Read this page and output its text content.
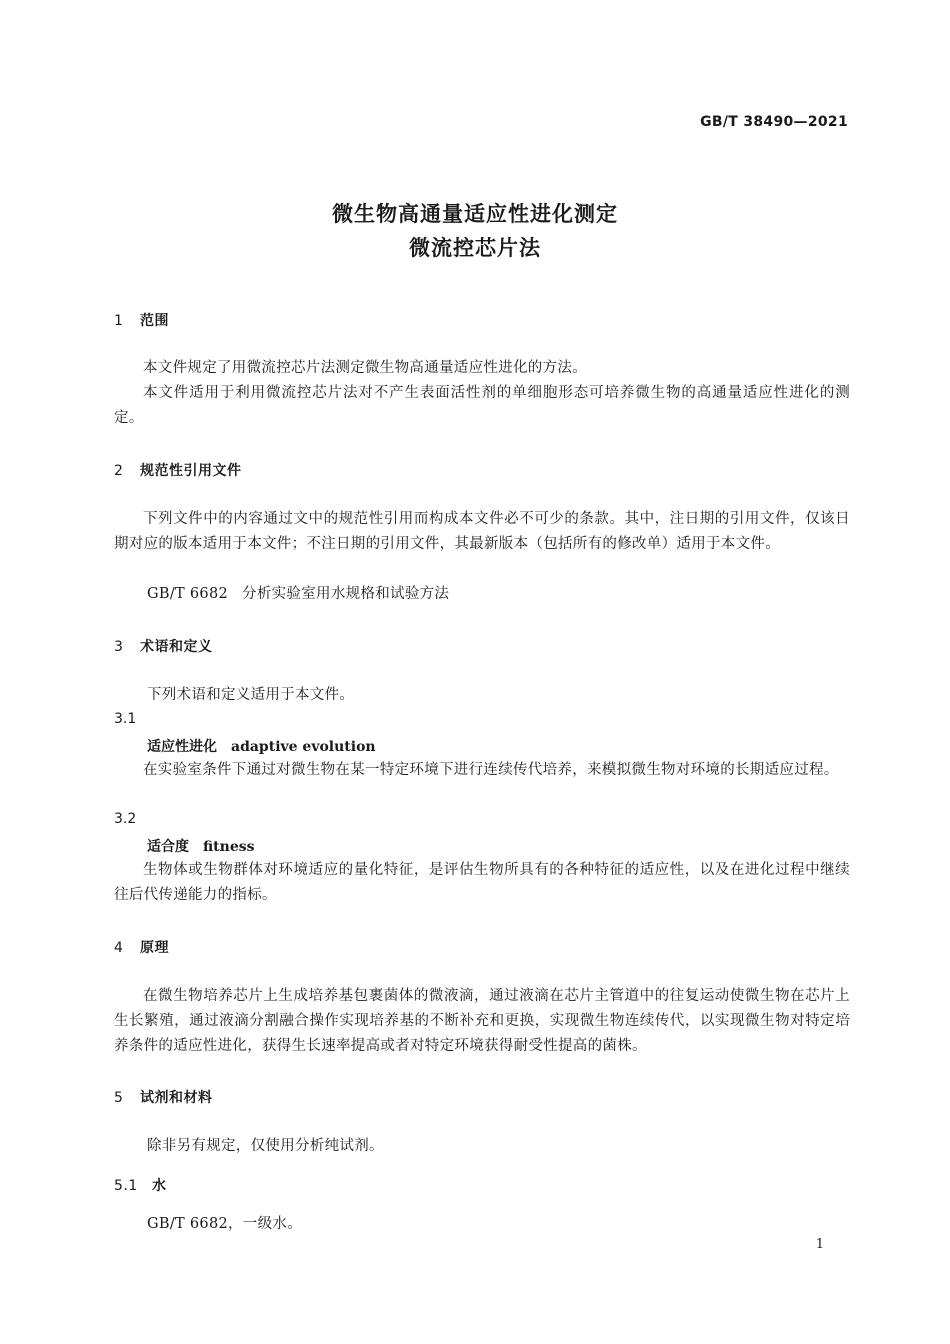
GB/T 38490—2021
微生物高通量适应性进化测定
微流控芯片法
1 范围
本文件规定了用微流控芯片法测定微生物高通量适应性进化的方法。
本文件适用于利用微流控芯片法对不产生表面活性剂的单细胞形态可培养微生物的高通量适应性进化的测定。
2 规范性引用文件
下列文件中的内容通过文中的规范性引用而构成本文件必不可少的条款。其中，注日期的引用文件，仅该日期对应的版本适用于本文件；不注日期的引用文件，其最新版本（包括所有的修改单）适用于本文件。
GB/T 6682 分析实验室用水规格和试验方法
3 术语和定义
下列术语和定义适用于本文件。
3.1
适应性进化 adaptive evolution
在实验室条件下通过对微生物在某一特定环境下进行连续传代培养，来模拟微生物对环境的长期适应过程。
3.2
适合度 fitness
生物体或生物群体对环境适应的量化特征，是评估生物所具有的各种特征的适应性，以及在进化过程中继续往后代传递能力的指标。
4 原理
在微生物培养芯片上生成培养基包裹菌体的微液滴，通过液滴在芯片主管道中的往复运动使微生物在芯片上生长繁殖，通过液滴分割融合操作实现培养基的不断补充和更换，实现微生物连续传代，以实现微生物对特定培养条件的适应性进化，获得生长速率提高或者对特定环境获得耐受性提高的菌株。
5 试剂和材料
除非另有规定，仅使用分析纯试剂。
5.1 水
GB/T 6682，一级水。
1
